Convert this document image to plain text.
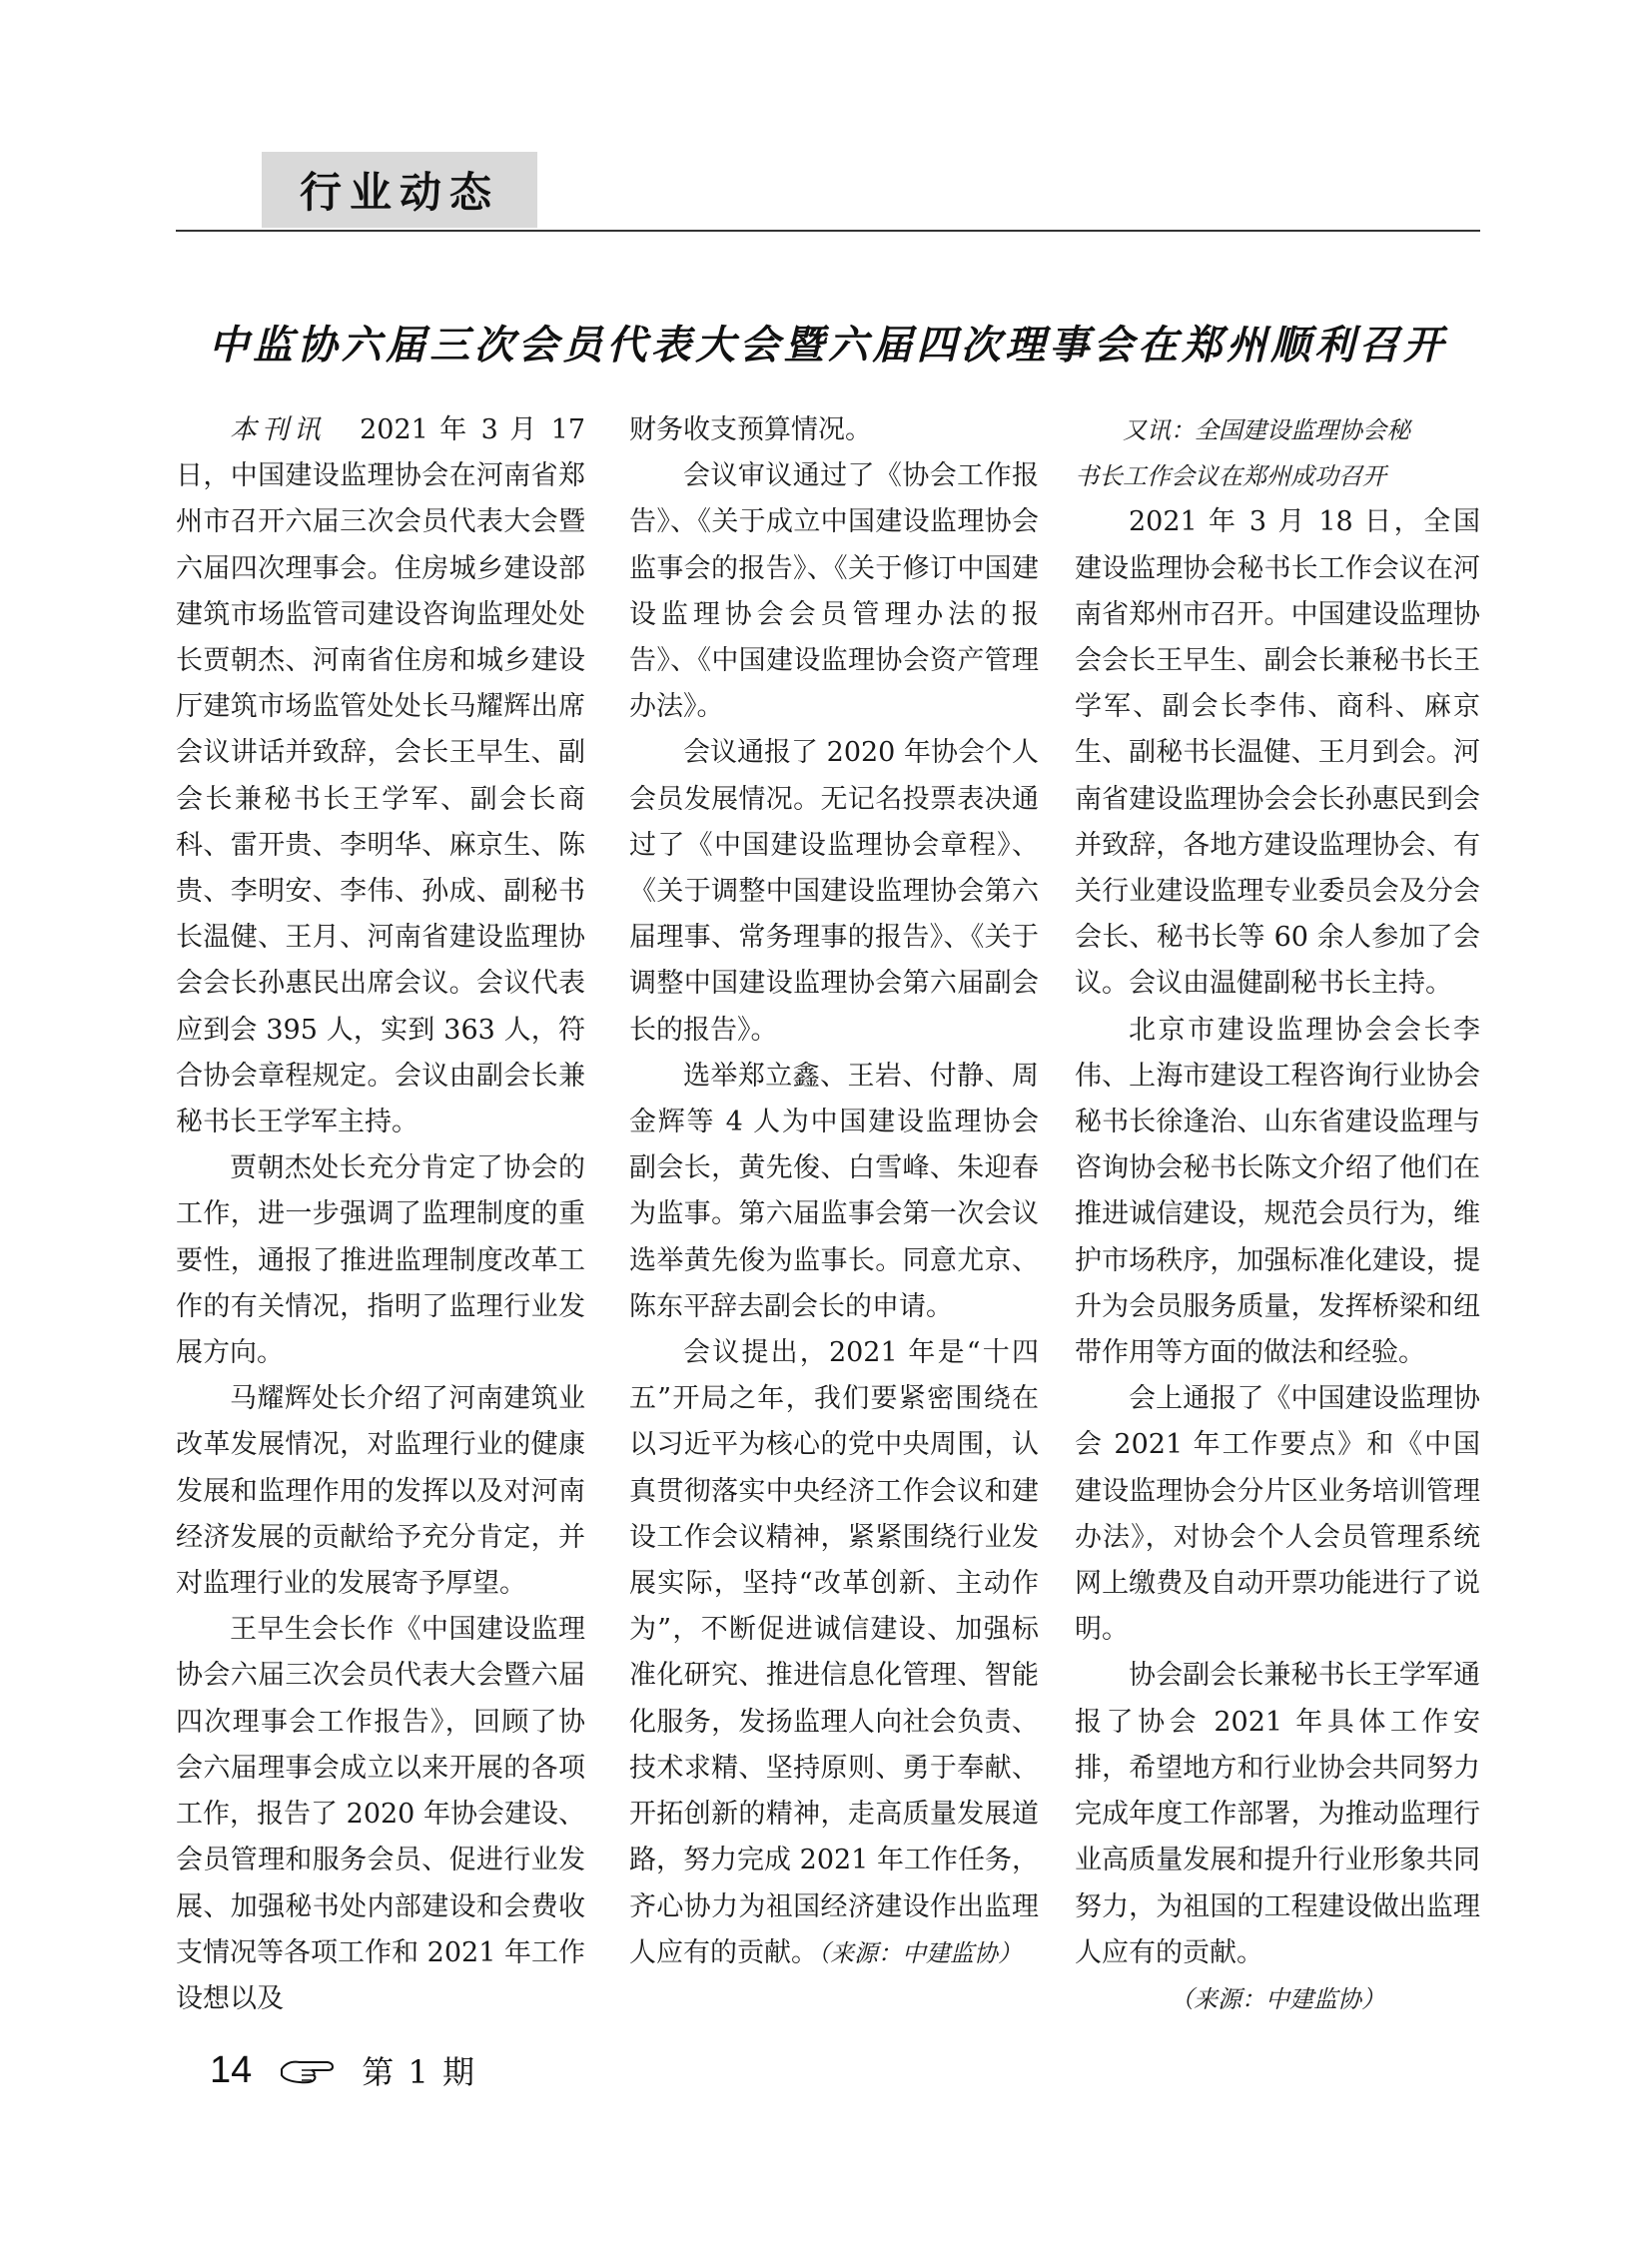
行业动态
中监协六届三次会员代表大会暨六届四次理事会在郑州顺利召开

本刊讯 2021 年 3 月 17 日，中国建设监理协会在河南省郑州市召开六届三次会员代表大会暨六届四次理事会。住房城乡建设部建筑市场监管司建设咨询监理处处长贾朝杰、河南省住房和城乡建设厅建筑市场监管处处长马耀辉出席会议讲话并致辞，会长王早生、副会长兼秘书长王学军、副会长商科、雷开贵、李明华、麻京生、陈贵、李明安、李伟、孙成、副秘书长温健、王月、河南省建设监理协会会长孙惠民出席会议。会议代表应到会 395 人，实到 363 人，符合协会章程规定。会议由副会长兼秘书长王学军主持。

贾朝杰处长充分肯定了协会的工作，进一步强调了监理制度的重要性，通报了推进监理制度改革工作的有关情况，指明了监理行业发展方向。

马耀辉处长介绍了河南建筑业改革发展情况，对监理行业的健康发展和监理作用的发挥以及对河南经济发展的贡献给予充分肯定，并对监理行业的发展寄予厚望。

王早生会长作《中国建设监理协会六届三次会员代表大会暨六届四次理事会工作报告》，回顾了协会六届理事会成立以来开展的各项工作，报告了 2020 年协会建设、会员管理和服务会员、促进行业发展、加强秘书处内部建设和会费收支情况等各项工作和 2021 年工作设想以及

财务收支预算情况。

会议审议通过了《协会工作报告》、《关于成立中国建设监理协会监事会的报告》、《关于修订中国建设监理协会会员管理办法的报告》、《中国建设监理协会资产管理办法》。

会议通报了 2020 年协会个人会员发展情况。无记名投票表决通过了《中国建设监理协会章程》、《关于调整中国建设监理协会第六届理事、常务理事的报告》、《关于调整中国建设监理协会第六届副会长的报告》。

选举郑立鑫、王岩、付静、周金辉等 4 人为中国建设监理协会副会长，黄先俊、白雪峰、朱迎春为监事。第六届监事会第一次会议选举黄先俊为监事长。同意尤京、陈东平辞去副会长的申请。

会议提出，2021 年是“十四五”开局之年，我们要紧密围绕在以习近平为核心的党中央周围，认真贯彻落实中央经济工作会议和建设工作会议精神，紧紧围绕行业发展实际，坚持“改革创新、主动作为”，不断促进诚信建设、加强标准化研究、推进信息化管理、智能化服务，发扬监理人向社会负责、技术求精、坚持原则、勇于奉献、开拓创新的精神，走高质量发展道路，努力完成 2021 年工作任务，齐心协力为祖国经济建设作出监理人应有的贡献。（来源：中建监协）

又讯：全国建设监理协会秘

书长工作会议在郑州成功召开

2021 年 3 月 18 日，全国建设监理协会秘书长工作会议在河南省郑州市召开。中国建设监理协会会长王早生、副会长兼秘书长王学军、副会长李伟、商科、麻京生、副秘书长温健、王月到会。河南省建设监理协会会长孙惠民到会并致辞，各地方建设监理协会、有关行业建设监理专业委员会及分会会长、秘书长等 60 余人参加了会议。会议由温健副秘书长主持。

北京市建设监理协会会长李伟、上海市建设工程咨询行业协会秘书长徐逢治、山东省建设监理与咨询协会秘书长陈文介绍了他们在推进诚信建设，规范会员行为，维护市场秩序，加强标准化建设，提升为会员服务质量，发挥桥梁和纽带作用等方面的做法和经验。

会上通报了《中国建设监理协会 2021 年工作要点》和《中国建设监理协会分片区业务培训管理办法》，对协会个人会员管理系统网上缴费及自动开票功能进行了说明。

协会副会长兼秘书长王学军通报了协会 2021 年具体工作安排，希望地方和行业协会共同努力完成年度工作部署，为推动监理行业高质量发展和提升行业形象共同努力，为祖国的工程建设做出监理人应有的贡献。

（来源：中建监协）

14	第 1 期
